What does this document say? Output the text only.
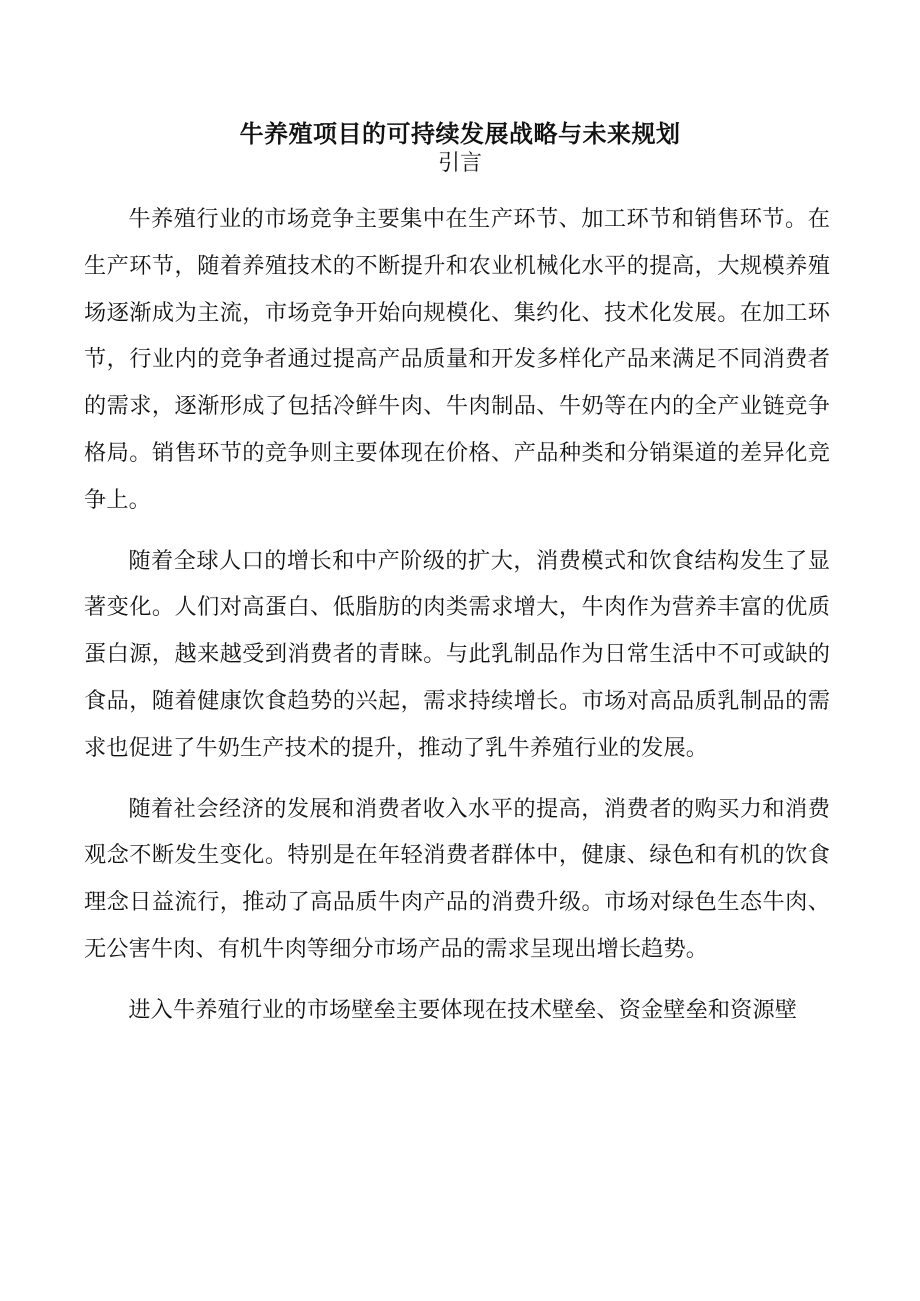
牛养殖项目的可持续发展战略与未来规划
引言

牛养殖行业的市场竞争主要集中在生产环节、加工环节和销售环节。在生产环节，随着养殖技术的不断提升和农业机械化水平的提高，大规模养殖场逐渐成为主流，市场竞争开始向规模化、集约化、技术化发展。在加工环节，行业内的竞争者通过提高产品质量和开发多样化产品来满足不同消费者的需求，逐渐形成了包括冷鲜牛肉、牛肉制品、牛奶等在内的全产业链竞争格局。销售环节的竞争则主要体现在价格、产品种类和分销渠道的差异化竞争上。

随着全球人口的增长和中产阶级的扩大，消费模式和饮食结构发生了显著变化。人们对高蛋白、低脂肪的肉类需求增大，牛肉作为营养丰富的优质蛋白源，越来越受到消费者的青睐。与此乳制品作为日常生活中不可或缺的食品，随着健康饮食趋势的兴起，需求持续增长。市场对高品质乳制品的需求也促进了牛奶生产技术的提升，推动了乳牛养殖行业的发展。

随着社会经济的发展和消费者收入水平的提高，消费者的购买力和消费观念不断发生变化。特别是在年轻消费者群体中，健康、绿色和有机的饮食理念日益流行，推动了高品质牛肉产品的消费升级。市场对绿色生态牛肉、无公害牛肉、有机牛肉等细分市场产品的需求呈现出增长趋势。

进入牛养殖行业的市场壁垒主要体现在技术壁垒、资金壁垒和资源壁
